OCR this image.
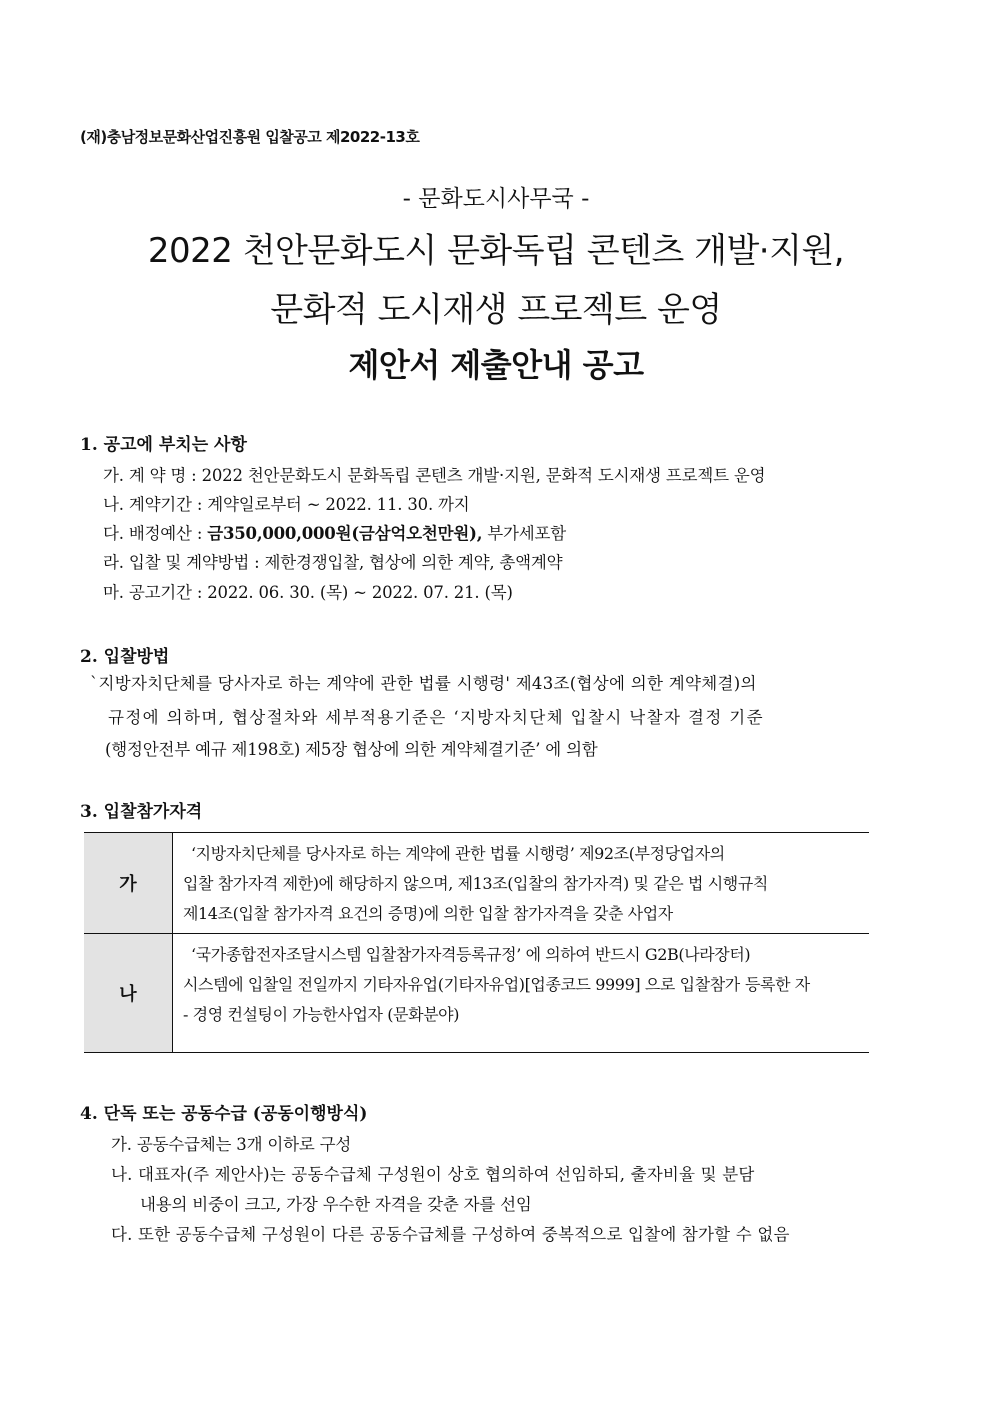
(재)충남정보문화산업진흥원 입찰공고 제2022-13호
- 문화도시사무국 -
2022 천안문화도시 문화독립 콘텐츠 개발·지원,
문화적 도시재생 프로젝트 운영
제안서 제출안내 공고
1. 공고에 부치는 사항
가. 계 약 명 : 2022 천안문화도시 문화독립 콘텐츠 개발·지원, 문화적 도시재생 프로젝트 운영
나. 계약기간 : 계약일로부터 ~ 2022. 11. 30. 까지
다. 배정예산 : 금350,000,000원(금삼억오천만원), 부가세포함
라. 입찰 및 계약방법 : 제한경쟁입찰, 협상에 의한 계약, 총액계약
마. 공고기간 : 2022. 06. 30. (목) ~ 2022. 07. 21. (목)
2. 입찰방법
`지방자치단체를 당사자로 하는 계약에 관한 법률 시행령' 제43조(협상에 의한 계약체결)의
규정에 의하며, 협상절차와 세부적용기준은 ‘지방자치단체 입찰시 낙찰자 결정 기준
(행정안전부 예규 제198호) 제5장 협상에 의한 계약체결기준’ 에 의함
3. 입찰참가자격
가	‘지방자치단체를 당사자로 하는 계약에 관한 법률 시행령’ 제92조(부정당업자의 입찰 참가자격 제한)에 해당하지 않으며, 제13조(입찰의 참가자격) 및 같은 법 시행규칙 제14조(입찰 참가자격 요건의 증명)에 의한 입찰 참가자격을 갖춘 사업자
나	‘국가종합전자조달시스템 입찰참가자격등록규정’ 에 의하여 반드시 G2B(나라장터) 시스템에 입찰일 전일까지 기타자유업(기타자유업)[업종코드 9999] 으로 입찰참가 등록한 자 - 경영 컨설팅이 가능한사업자 (문화분야)
4. 단독 또는 공동수급 (공동이행방식)
가. 공동수급체는 3개 이하로 구성
나. 대표자(주 제안사)는 공동수급체 구성원이 상호 협의하여 선임하되, 출자비율 및 분담
내용의 비중이 크고, 가장 우수한 자격을 갖춘 자를 선임
다. 또한 공동수급체 구성원이 다른 공동수급체를 구성하여 중복적으로 입찰에 참가할 수 없음
